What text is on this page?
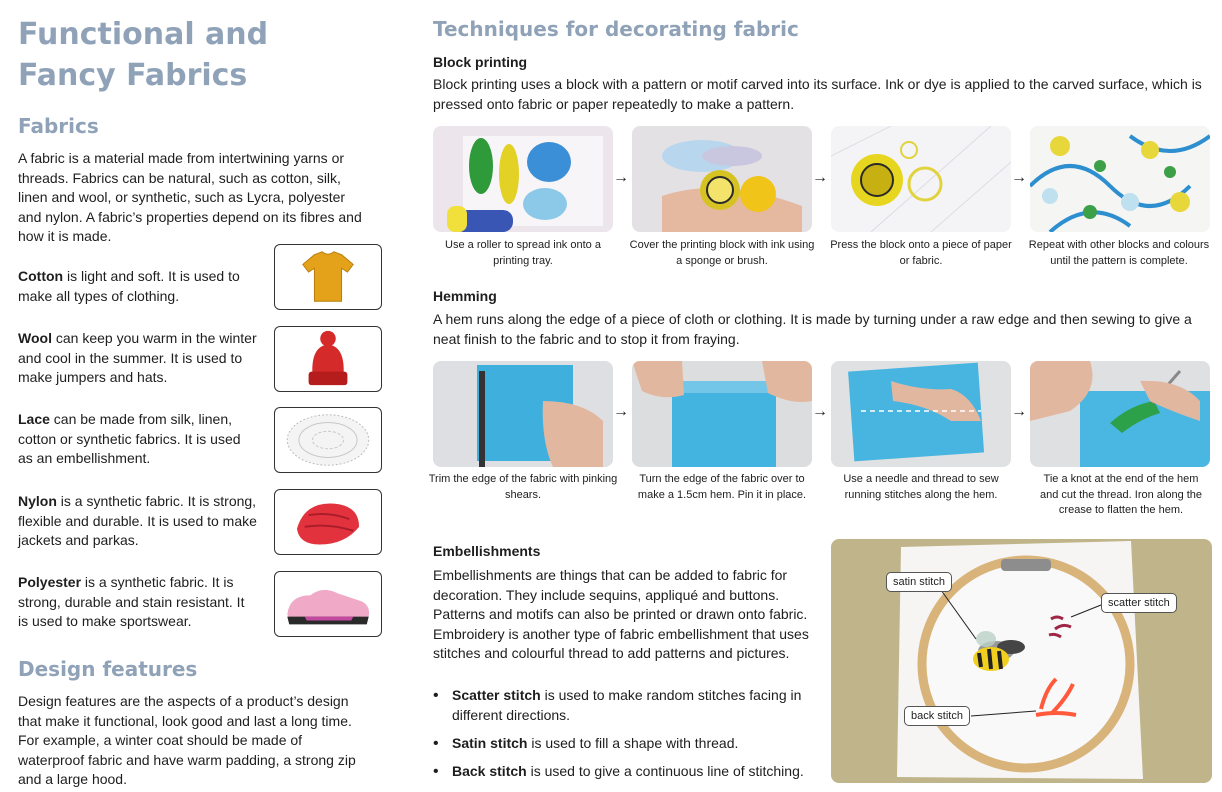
Functional and
Fancy Fabrics
Fabrics

A fabric is a material made from intertwining yarns or threads. Fabrics can be natural, such as cotton, silk, linen and wool, or synthetic, such as Lycra, polyester and nylon. A fabric’s properties depend on its fibres and how it is made.

Cotton is light and soft. It is used to make all types of clothing.

Wool can keep you warm in the winter and cool in the summer. It is used to make jumpers and hats.

Lace can be made from silk, linen, cotton or synthetic fabrics. It is used as an embellishment.

Nylon is a synthetic fabric. It is strong, flexible and durable. It is used to make jackets and parkas.

Polyester is a synthetic fabric. It is strong, durable and stain resistant. It is used to make sportswear.

Design features

Design features are the aspects of a product’s design that make it functional, look good and last a long time. For example, a winter coat should be made of waterproof fabric and have warm padding, a strong zip and a large hood.

Techniques for decorating fabric
Block printing

Block printing uses a block with a pattern or motif carved into its surface. Ink or dye is applied to the carved surface, which is pressed onto fabric or paper repeatedly to make a pattern.

→	→	→
Use a roller to spread ink onto a printing tray.
Cover the printing block with ink using a sponge or brush.
Press the block onto a piece of paper or fabric.
Repeat with other blocks and colours until the pattern is complete.
Hemming

A hem runs along the edge of a piece of cloth or clothing. It is made by turning under a raw edge and then sewing to give a neat finish to the fabric and to stop it from fraying.

→	→	→
Trim the edge of the fabric with pinking shears.
Turn the edge of the fabric over to make a 1.5cm hem. Pin it in place.
Use a needle and thread to sew running stitches along the hem.
Tie a knot at the end of the hem and cut the thread. Iron along the crease to flatten the hem.
Embellishments

Embellishments are things that can be added to fabric for decoration. They include sequins, appliqué and buttons. Patterns and motifs can also be printed or drawn onto fabric. Embroidery is another type of fabric embellishment that uses stitches and colourful thread to add patterns and pictures.

• Scatter stitch is used to make random stitches facing in different directions.
• Satin stitch is used to fill a shape with thread.
• Back stitch is used to give a continuous line of stitching.
satin stitch
scatter stitch
back stitch
